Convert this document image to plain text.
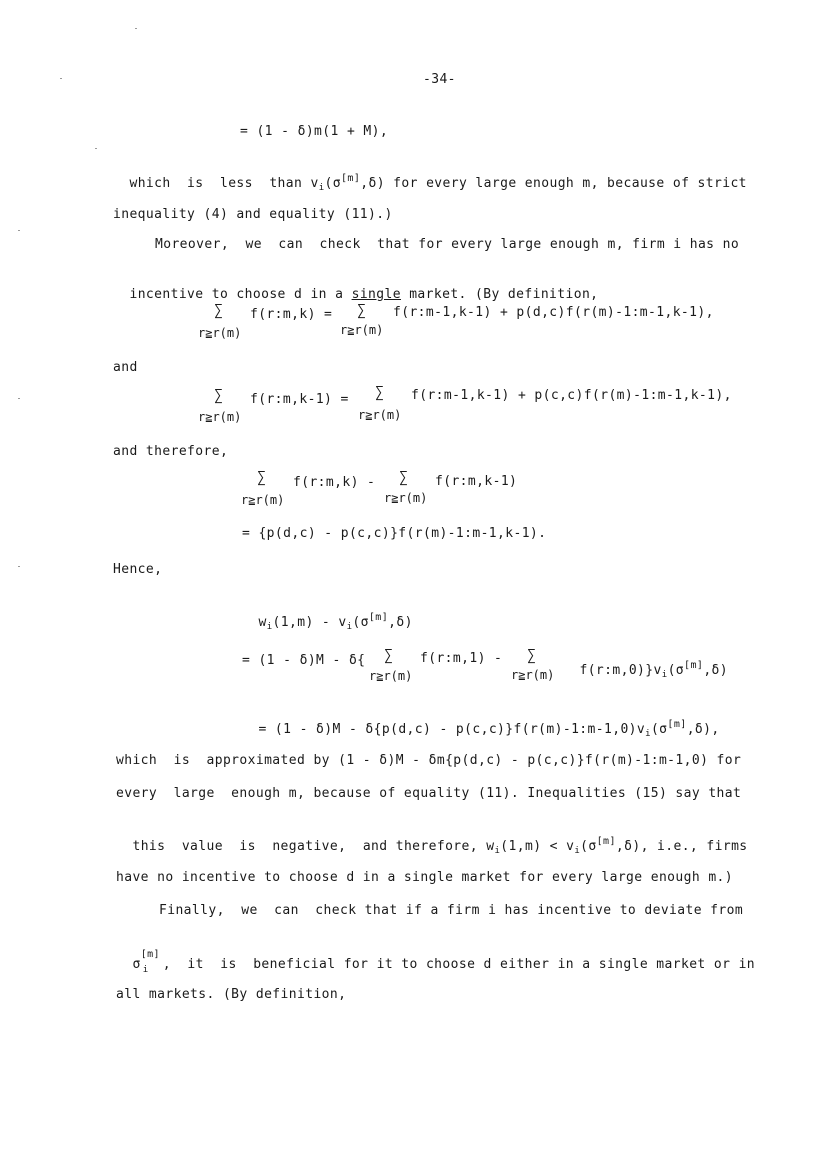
-34-
= (1 - δ)m(1 + M),

which  is  less  than $v_i(\sigma[m],\delta)$ for every large enough m, because of strict

inequality (4) and equality (11).)
Moreover,  we  can  check  that for every large enough m, firm i has no

incentive to choose d in a single market. (By definition,

∑ f(r:m,k) = ∑ f(r:m-1,k-1) + p(d,c)f(r(m)-1:m-1,k-1),
r≧r(m)	r≧r(m)
and
∑ f(r:m,k-1) = ∑ f(r:m-1,k-1) + p(c,c)f(r(m)-1:m-1,k-1),
r≧r(m)	r≧r(m)
and therefore,
∑ f(r:m,k) - ∑ f(r:m,k-1)
r≧r(m)	r≧r(m)
= {p(d,c) - p(c,c)}f(r(m)-1:m-1,k-1).
Hence,

$w_i(1,m) - v_i(\sigma[m],\delta)$

= (1 - δ)M - δ{ ∑ f(r:m,1) - ∑

$f(r:m,0)\}v_i(\sigma[m],\delta)$

r≧r(m)	r≧r(m)

= $(1 - \delta)M - \delta\{p(d,c) - p(c,c)\}f(r(m)-1:m-1,0)v_i(\sigma[m],\delta)$,

which  is  approximated by (1 - δ)M - δm{p(d,c) - p(c,c)}f(r(m)-1:m-1,0) for
every  large  enough m, because of equality (11). Inequalities (15) say that

this  value  is  negative,  and therefore, $w_i(1,m) < v_i(\sigma[m],\delta)$, i.e., firms

have no incentive to choose d in a single market for every large enough m.)
Finally,  we  can  check that if a firm i has incentive to deviate from

σ
[m]
i ,  it  is  beneficial for it to choose d either in a single market or in

all markets. (By definition,
